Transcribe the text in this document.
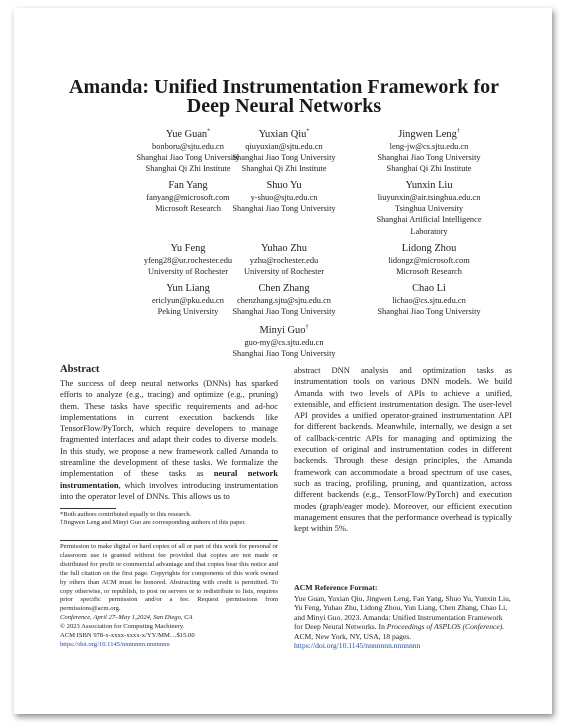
Amanda: Unified Instrumentation Framework for
Deep Neural Networks
Yue Guan*
bonboru@sjtu.edu.cn
Shanghai Jiao Tong University
Shanghai Qi Zhi Institute
Yuxian Qiu*
qiuyuxian@sjtu.edu.cn
Shanghai Jiao Tong University
Shanghai Qi Zhi Institute
Jingwen Leng†
leng-jw@cs.sjtu.edu.cn
Shanghai Jiao Tong University
Shanghai Qi Zhi Institute
Fan Yang
fanyang@microsoft.com
Microsoft Research
Shuo Yu
y-shuo@sjtu.edu.cn
Shanghai Jiao Tong University
Yunxin Liu
liuyunxin@air.tsinghua.edu.cn
Tsinghua University
Shanghai Artificial Intelligence
Laboratory
Yu Feng
yfeng28@ur.rochester.edu
University of Rochester
Yuhao Zhu
yzhu@rochester.edu
University of Rochester
Lidong Zhou
lidongz@microsoft.com
Microsoft Research
Yun Liang
ericlyun@pku.edu.cn
Peking University
Chen Zhang
chenzhang.sjtu@sjtu.edu.cn
Shanghai Jiao Tong University
Chao Li
lichao@cs.sjtu.edu.cn
Shanghai Jiao Tong University
Minyi Guo†
guo-my@cs.sjtu.edu.cn
Shanghai Jiao Tong University
Abstract
The success of deep neural networks (DNNs) has sparked efforts to analyze (e.g., tracing) and optimize (e.g., pruning) them. These tasks have specific requirements and ad-hoc implementations in current execution backends like TensorFlow/PyTorch, which require developers to manage fragmented interfaces and adapt their codes to diverse models. In this study, we propose a new framework called Amanda to streamline the development of these tasks. We formalize the implementation of these tasks as neural network instrumentation, which involves introducing instrumentation into the operator level of DNNs. This allows us to
abstract DNN analysis and optimization tasks as instrumentation tools on various DNN models. We build Amanda with two levels of APIs to achieve a unified, extensible, and efficient instrumentation design. The user-level API provides a unified operator-grained instrumentation API for different backends. Meanwhile, internally, we design a set of callback-centric APIs for managing and optimizing the execution of original and instrumentation codes in different backends. Through these design principles, the Amanda framework can accommodate a broad spectrum of use cases, such as tracing, profiling, pruning, and quantization, across different backends (e.g., TensorFlow/PyTorch) and execution modes (graph/eager mode). Moreover, our efficient execution management ensures that the performance overhead is typically kept within 5%.
*Both authors contributed equally to this research.
†Jingwen Leng and Minyi Guo are corresponding authors of this paper.
Permission to make digital or hard copies of all or part of this work for personal or classroom use is granted without fee provided that copies are not made or distributed for profit or commercial advantage and that copies bear this notice and the full citation on the first page. Copyrights for components of this work owned by others than ACM must be honored. Abstracting with credit is permitted. To copy otherwise, or republish, to post on servers or to redistribute to lists, requires prior specific permission and/or a fee. Request permissions from permissions@acm.org.
Conference, April 27–May 1,2024, San Diego, CA
© 2023 Association for Computing Machinery.
ACM ISBN 978-x-xxxx-xxxx-x/YY/MM…$15.00
https://doi.org/10.1145/nnnnnnn.nnnnnnn
ACM Reference Format:
Yue Guan, Yuxian Qiu, Jingwen Leng, Fan Yang, Shuo Yu, Yunxin Liu, Yu Feng, Yuhao Zhu, Lidong Zhou, Yun Liang, Chen Zhang, Chao Li, and Minyi Guo. 2023. Amanda: Unified Instrumentation Framework for Deep Neural Networks. In Proceedings of ASPLOS (Conference). ACM, New York, NY, USA, 18 pages.
https://doi.org/10.1145/nnnnnnn.nnnnnnn
